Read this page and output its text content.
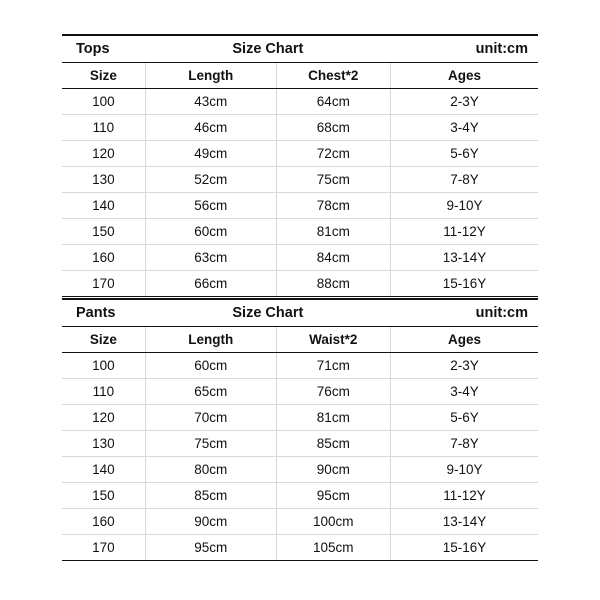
Tops	Size Chart		unit:cm
Size	Length	Chest*2	Ages
100	43cm	64cm	2-3Y
110	46cm	68cm	3-4Y
120	49cm	72cm	5-6Y
130	52cm	75cm	7-8Y
140	56cm	78cm	9-10Y
150	60cm	81cm	11-12Y
160	63cm	84cm	13-14Y
170	66cm	88cm	15-16Y
Pants	Size Chart		unit:cm
Size	Length	Waist*2	Ages
100	60cm	71cm	2-3Y
110	65cm	76cm	3-4Y
120	70cm	81cm	5-6Y
130	75cm	85cm	7-8Y
140	80cm	90cm	9-10Y
150	85cm	95cm	11-12Y
160	90cm	100cm	13-14Y
170	95cm	105cm	15-16Y
